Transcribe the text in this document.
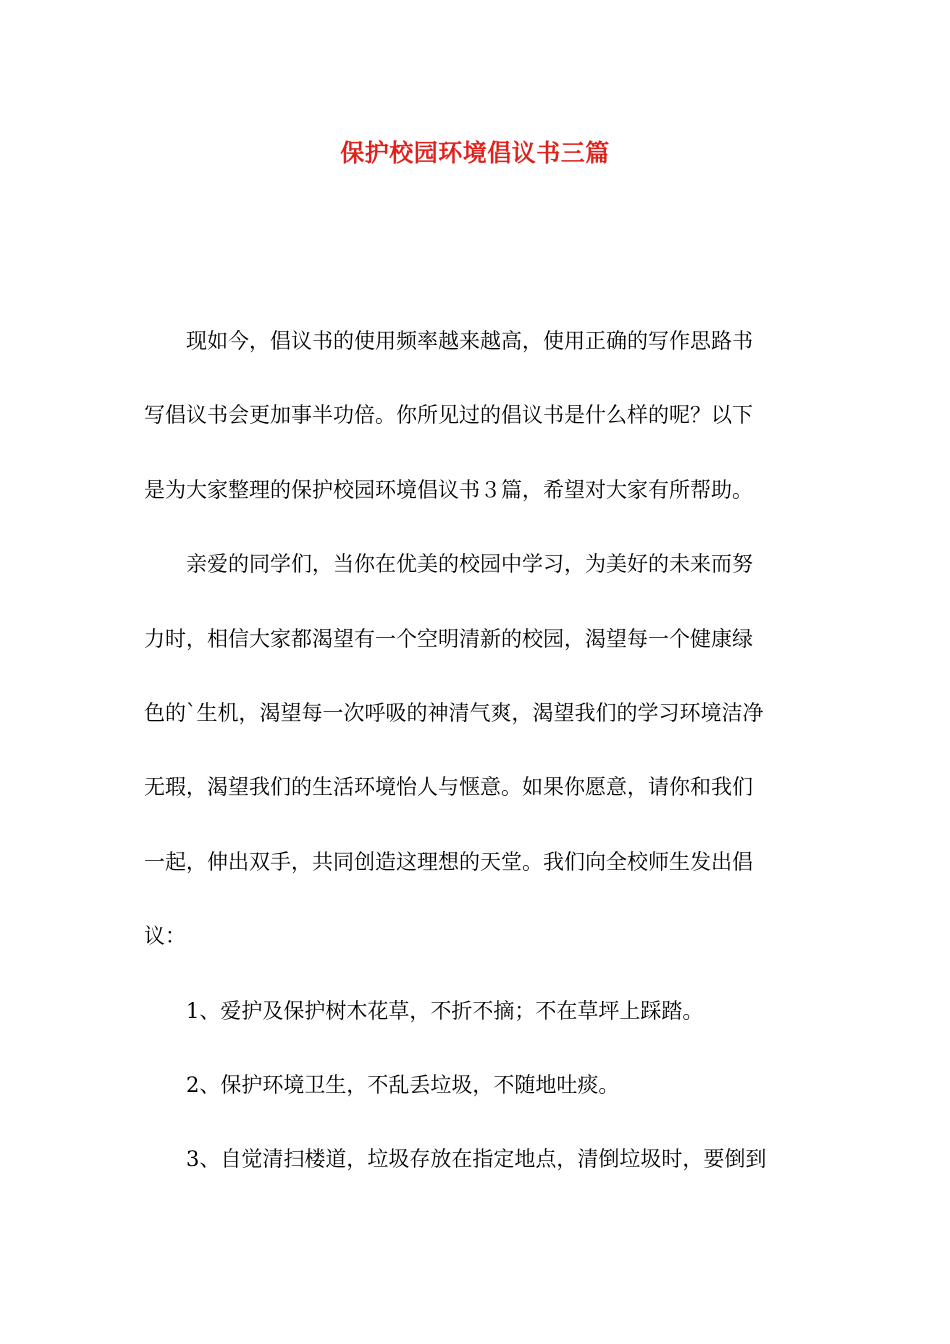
保护校园环境倡议书三篇
现如今，倡议书的使用频率越来越高，使用正确的写作思路书
写倡议书会更加事半功倍。你所见过的倡议书是什么样的呢？以下
是为大家整理的保护校园环境倡议书３篇，希望对大家有所帮助。
亲爱的同学们，当你在优美的校园中学习，为美好的未来而努
力时，相信大家都渴望有一个空明清新的校园，渴望每一个健康绿
色的`生机，渴望每一次呼吸的神清气爽，渴望我们的学习环境洁净
无瑕，渴望我们的生活环境怡人与惬意。如果你愿意，请你和我们
一起，伸出双手，共同创造这理想的天堂。我们向全校师生发出倡
议：
1、爱护及保护树木花草，不折不摘；不在草坪上踩踏。
2、保护环境卫生，不乱丢垃圾，不随地吐痰。
3、自觉清扫楼道，垃圾存放在指定地点，清倒垃圾时，要倒到
